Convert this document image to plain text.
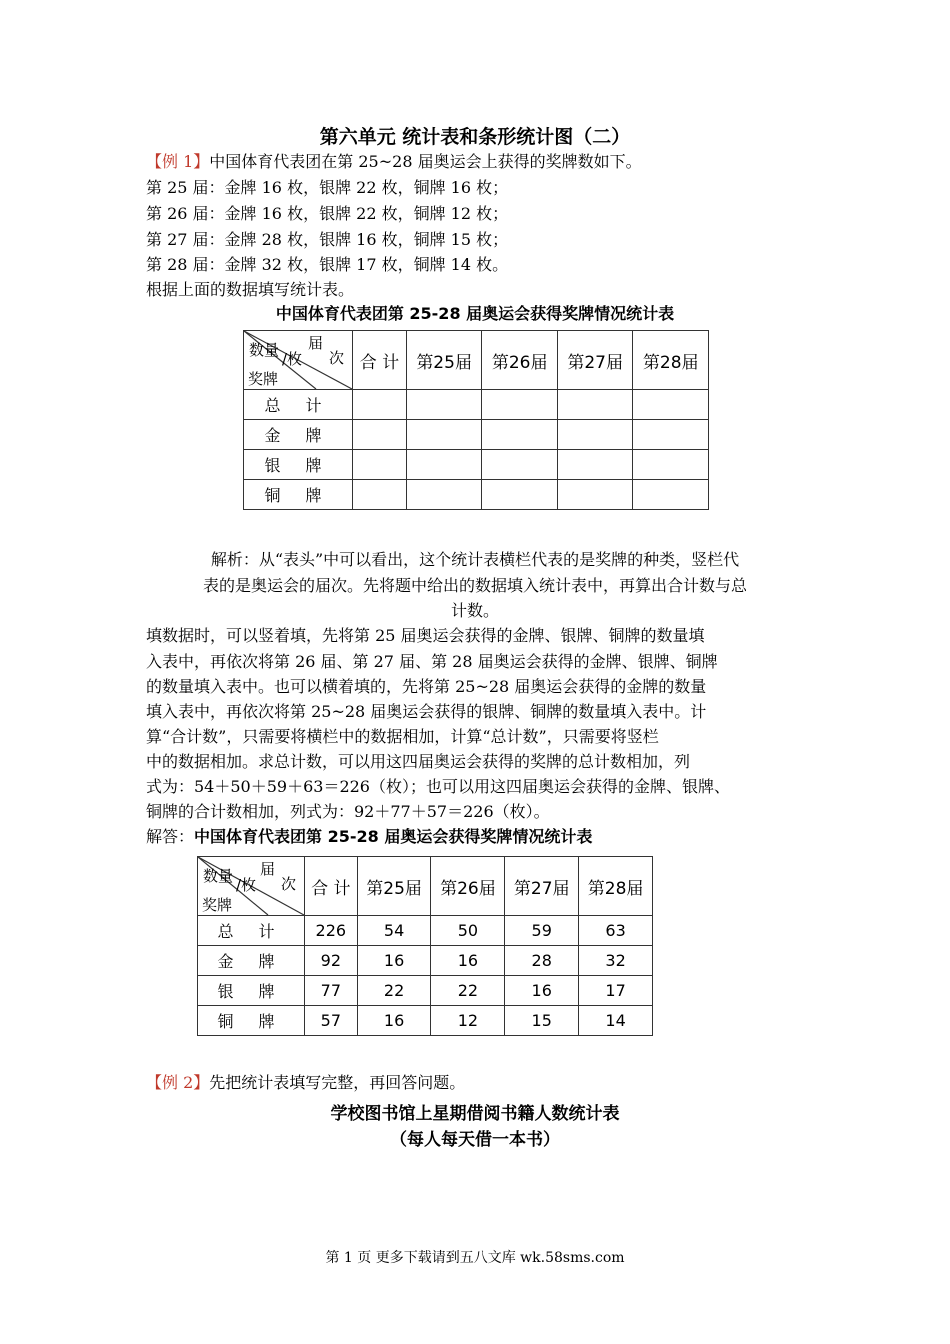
第六单元 统计表和条形统计图（二）
【例 1】中国体育代表团在第 25~28 届奥运会上获得的奖牌数如下。
第 25 届：金牌 16 枚，银牌 22 枚，铜牌 16 枚；
第 26 届：金牌 16 枚，银牌 22 枚，铜牌 12 枚；
第 27 届：金牌 28 枚，银牌 16 枚，铜牌 15 枚；
第 28 届：金牌 32 枚，银牌 17 枚，铜牌 14 枚。
根据上面的数据填写统计表。
中国体育代表团第 25-28 届奥运会获得奖牌情况统计表
届
次
数量 /枚
奖牌	合 计	第25届	第26届	第27届	第28届
总 计					
金 牌					
银 牌					
铜 牌					
解析：从“表头”中可以看出，这个统计表横栏代表的是奖牌的种类，竖栏代
表的是奥运会的届次。先将题中给出的数据填入统计表中，再算出合计数与总
计数。
填数据时，可以竖着填，先将第 25 届奥运会获得的金牌、银牌、铜牌的数量填
入表中，再依次将第 26 届、第 27 届、第 28 届奥运会获得的金牌、银牌、铜牌
的数量填入表中。也可以横着填的，先将第 25~28 届奥运会获得的金牌的数量
填入表中，再依次将第 25~28 届奥运会获得的银牌、铜牌的数量填入表中。计
算“合计数”，只需要将横栏中的数据相加，计算“总计数”，只需要将竖栏
中的数据相加。求总计数，可以用这四届奥运会获得的奖牌的总计数相加，列
式为：54＋50＋59＋63＝226（枚）；也可以用这四届奥运会获得的金牌、银牌、
铜牌的合计数相加，列式为：92＋77＋57＝226（枚）。
解答：中国体育代表团第 25-28 届奥运会获得奖牌情况统计表
届
次
数量 /枚
奖牌	合 计	第25届	第26届	第27届	第28届
总 计	226	54	50	59	63
金 牌	92	16	16	28	32
银 牌	77	22	22	16	17
铜 牌	57	16	12	15	14
【例 2】先把统计表填写完整，再回答问题。
学校图书馆上星期借阅书籍人数统计表
（每人每天借一本书）
第 1 页 更多下载请到五八文库 wk.58sms.com
